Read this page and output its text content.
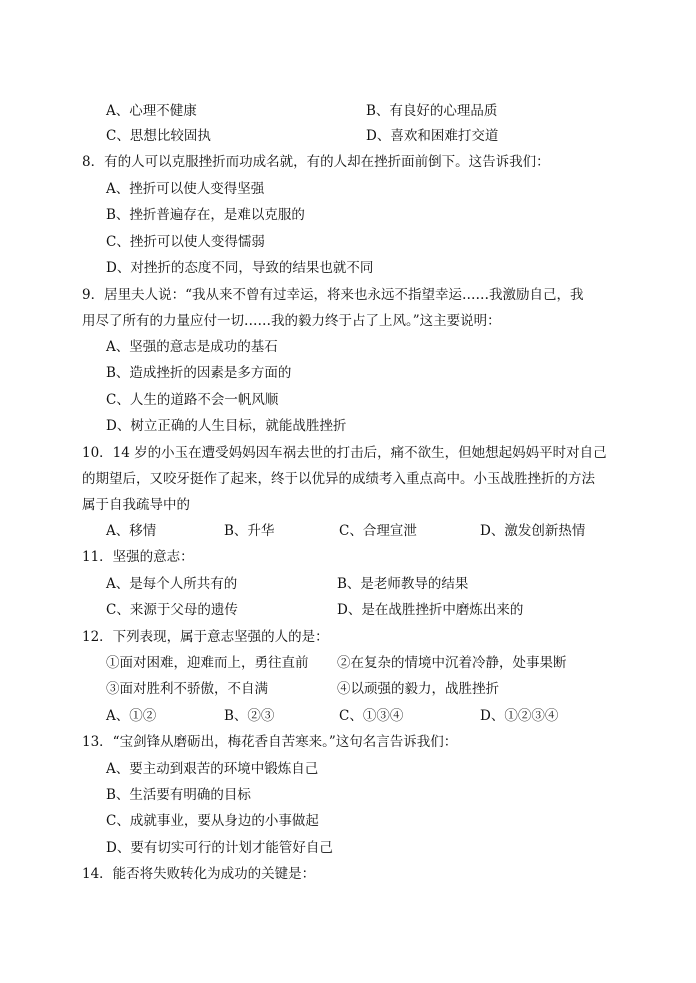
A、心理不健康	B、有良好的心理品质
C、思想比较固执	D、喜欢和困难打交道
8．有的人可以克服挫折而功成名就，有的人却在挫折面前倒下。这告诉我们：
A、挫折可以使人变得坚强
B、挫折普遍存在，是难以克服的
C、挫折可以使人变得懦弱
D、对挫折的态度不同，导致的结果也就不同
9．居里夫人说：“我从来不曾有过幸运，将来也永远不指望幸运……我激励自己，我
用尽了所有的力量应付一切……我的毅力终于占了上风。”这主要说明：
A、坚强的意志是成功的基石
B、造成挫折的因素是多方面的
C、人生的道路不会一帆风顺
D、树立正确的人生目标，就能战胜挫折
10．14 岁的小玉在遭受妈妈因车祸去世的打击后，痛不欲生，但她想起妈妈平时对自己
的期望后，又咬牙挺作了起来，终于以优异的成绩考入重点高中。小玉战胜挫折的方法
属于自我疏导中的
A、移情	B、升华	C、合理宣泄	D、激发创新热情
11．坚强的意志：
A、是每个人所共有的	B、是老师教导的结果
C、来源于父母的遗传	D、是在战胜挫折中磨炼出来的
12．下列表现，属于意志坚强的人的是：
①面对困难，迎难而上，勇往直前 ②在复杂的情境中沉着冷静，处事果断
③面对胜利不骄傲，不自满	④以顽强的毅力，战胜挫折
A、①②	B、②③	C、①③④	D、①②③④
13．“宝剑锋从磨砺出，梅花香自苦寒来。”这句名言告诉我们：
A、要主动到艰苦的环境中锻炼自己
B、生活要有明确的目标
C、成就事业，要从身边的小事做起
D、要有切实可行的计划才能管好自己
14．能否将失败转化为成功的关键是：
